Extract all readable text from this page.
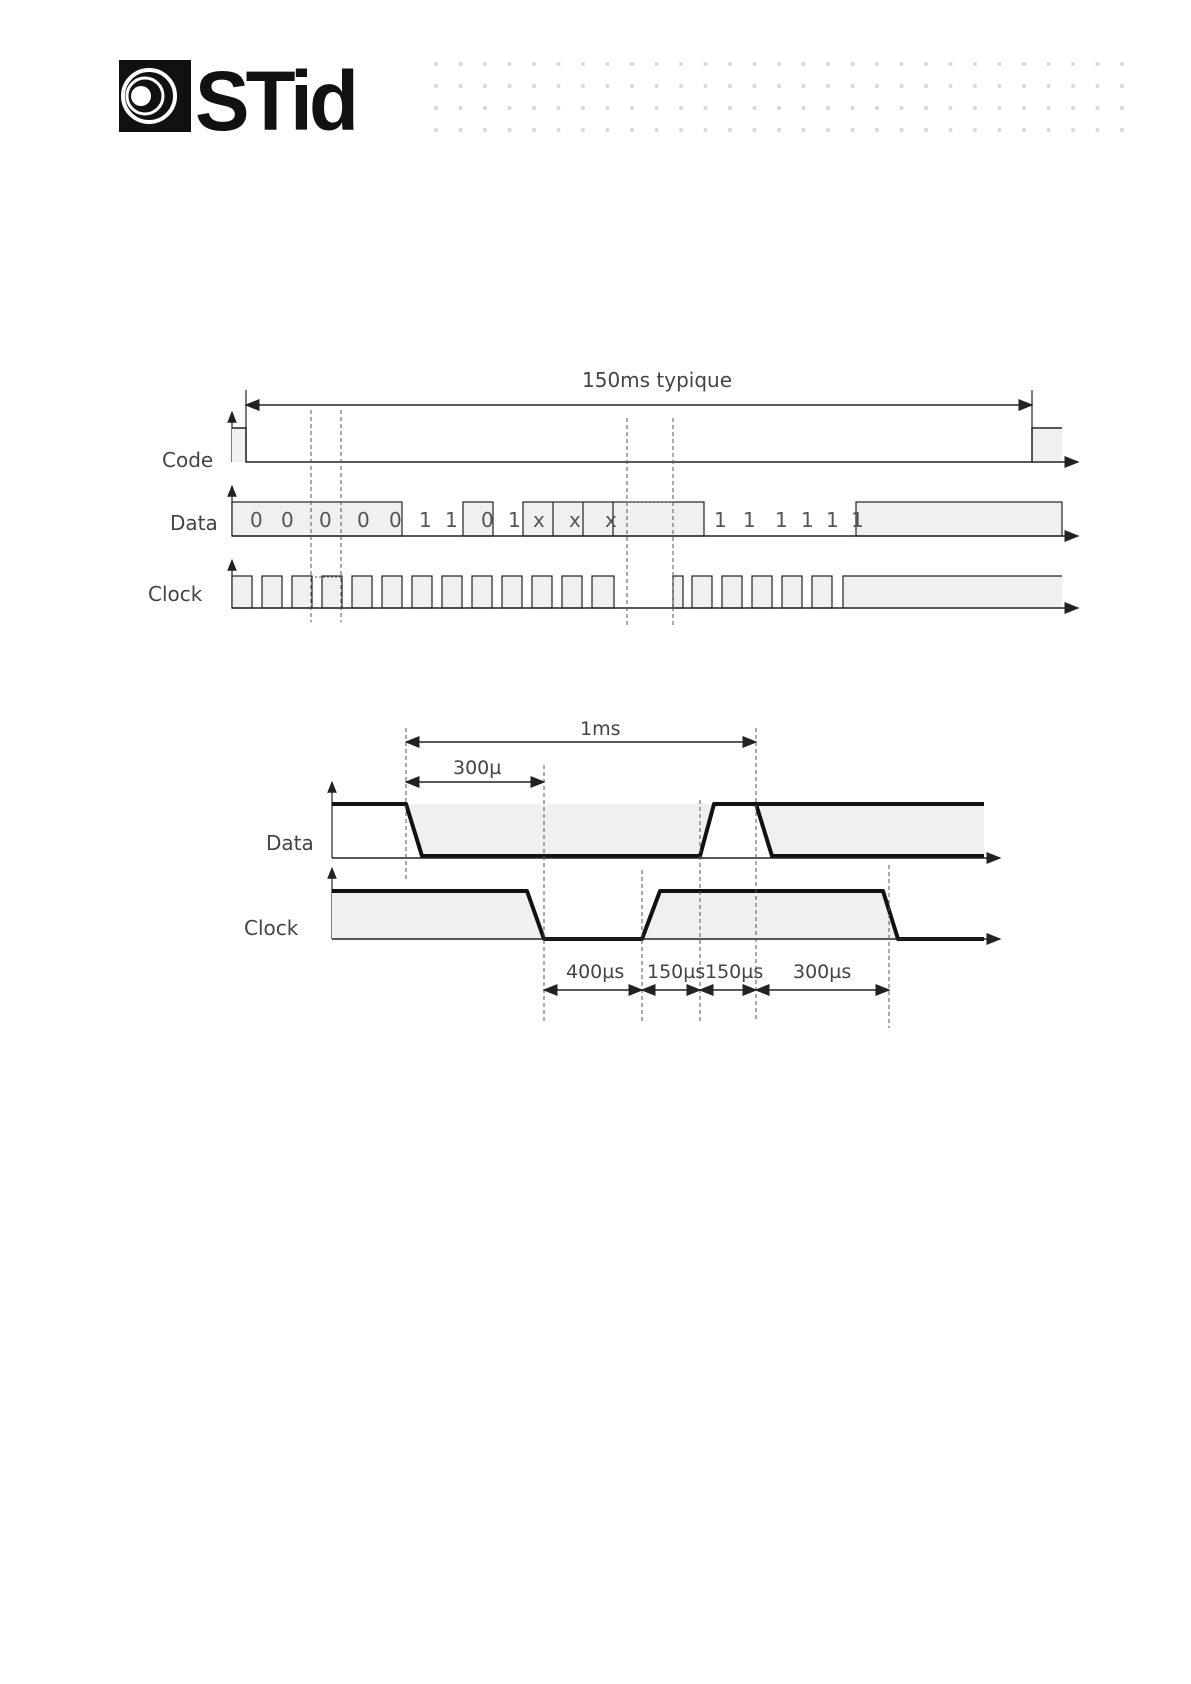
STid
150ms typique
Code
Data
Clock
0 0 0 0 0 1 1 0 1 x x x	1 1 1 1 1 1
Data
Clock
1ms
300µ
400µs 150µs 150µs 300µs
